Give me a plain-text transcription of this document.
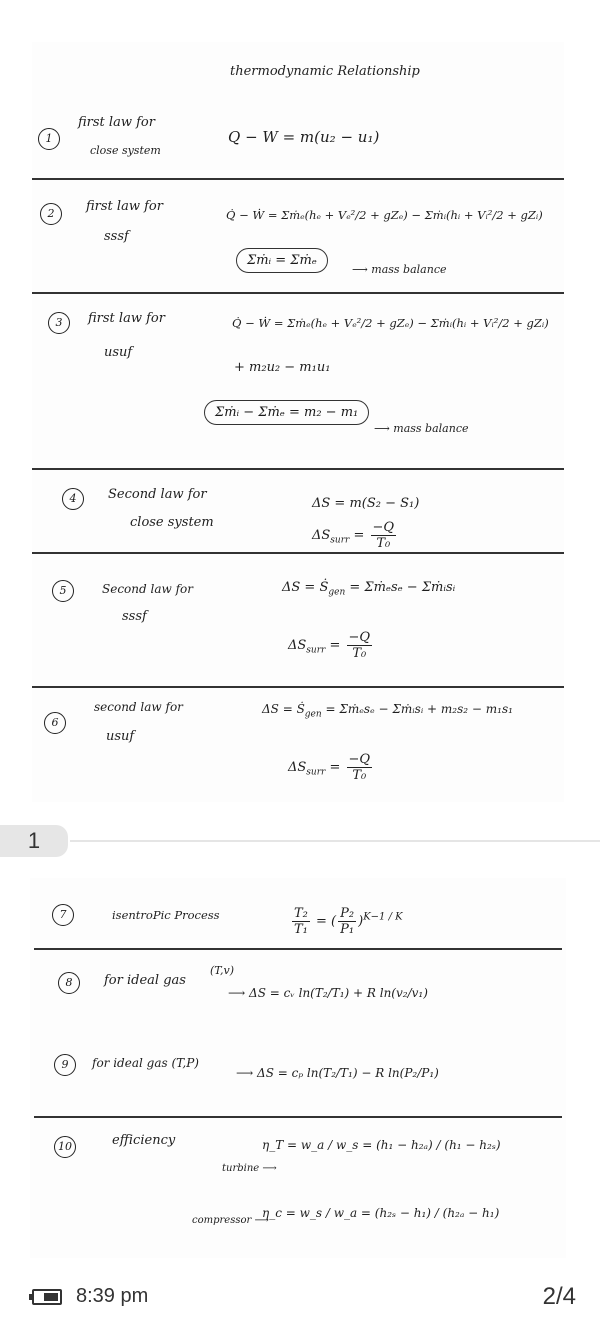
thermodynamic Relationship
1
first law for
close system
Q − W = m(u₂ − u₁)
2	first law for
sssf
Q̇ − Ẇ = Σṁₑ(hₑ + Vₑ²/2 + gZₑ) − Σṁᵢ(hᵢ + Vᵢ²/2 + gZᵢ)
Σṁᵢ = Σṁₑ
⟶ mass balance
3	first law for
usuf
Q̇ − Ẇ = Σṁₑ(hₑ + Vₑ²/2 + gZₑ) − Σṁᵢ(hᵢ + Vᵢ²/2 + gZᵢ)
+ m₂u₂ − m₁u₁
Σṁᵢ − Σṁₑ = m₂ − m₁
⟶ mass balance
4	Second law for
close system
ΔS = m(S₂ − S₁)
$\Delta S_{surr} = \frac{-Q}{\text{T₀}}$
5	Second law for
sssf
ΔS = Ṡ$_{gen}$ = Σṁₑsₑ − Σṁᵢsᵢ
$\Delta S_{surr} = \frac{-Q}{\text{T₀}}$
6
second law for
usuf
ΔS = Ṡ$_{gen}$ = Σṁₑsₑ − Σṁᵢsᵢ + m₂s₂ − m₁s₁
$\Delta S_{surr} = \frac{-Q}{\text{T₀}}$
1
7	isentroPic Process	$\frac{\text{T₂}}{\text{T₁}}$ = ( $\frac{\text{P₂}}{\text{P₁}} )^{K-1 / K}$
8	for ideal gas
(T,v)
⟶ ΔS = cᵥ ln(T₂/T₁) + R ln(v₂/v₁)
9	for ideal gas (T,P)
⟶ ΔS = cₚ ln(T₂/T₁) − R ln(P₂/P₁)
10	efficiency	η_T = w_a / w_s = (h₁ − h₂ₐ) / (h₁ − h₂ₛ)
turbine ⟶
η_c = w_s / w_a = (h₂ₛ − h₁) / (h₂ₐ − h₁)
compressor ⟶
8:39 pm	2/4
